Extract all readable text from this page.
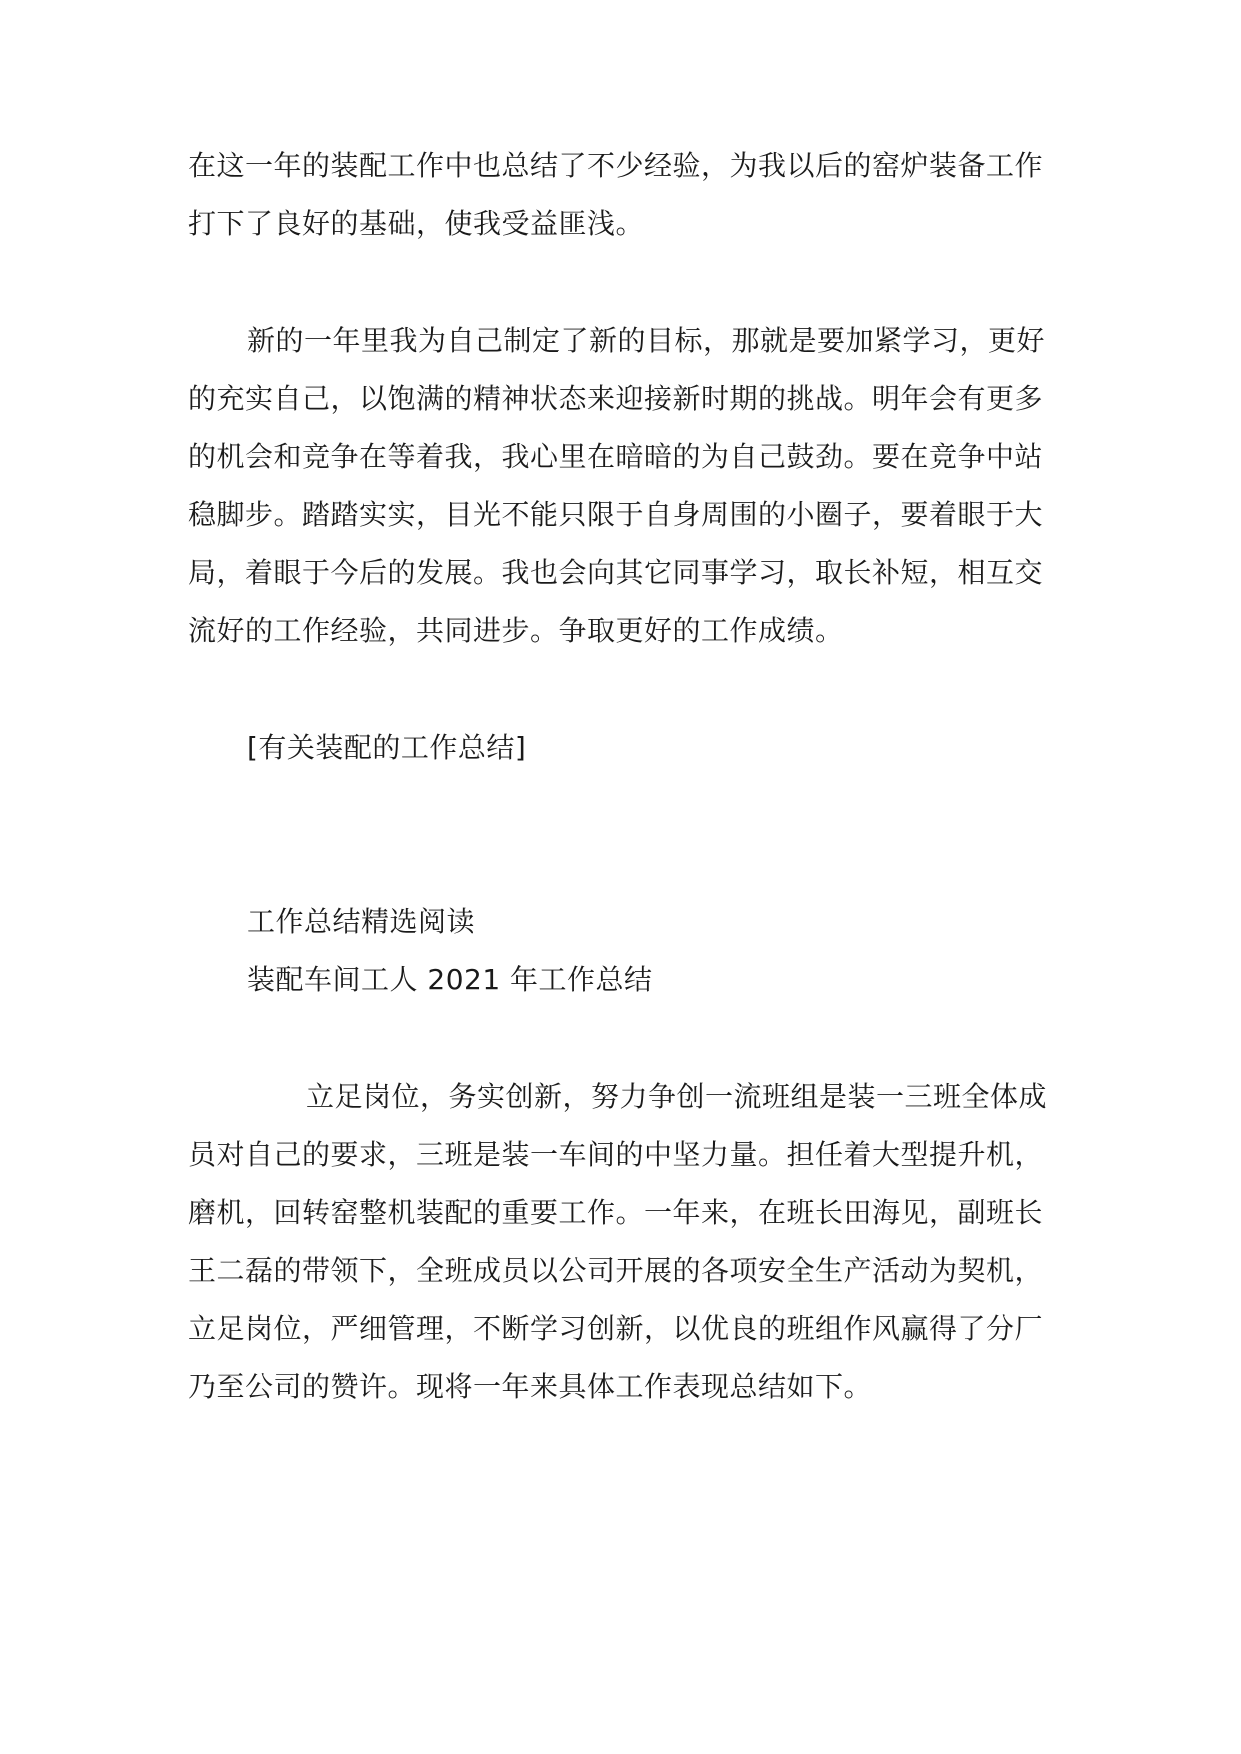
在这一年的装配工作中也总结了不少经验，为我以后的窑炉装备工作
打下了良好的基础，使我受益匪浅。
新的一年里我为自己制定了新的目标，那就是要加紧学习，更好
的充实自己，以饱满的精神状态来迎接新时期的挑战。明年会有更多
的机会和竞争在等着我，我心里在暗暗的为自己鼓劲。要在竞争中站
稳脚步。踏踏实实，目光不能只限于自身周围的小圈子，要着眼于大
局，着眼于今后的发展。我也会向其它同事学习，取长补短，相互交
流好的工作经验，共同进步。争取更好的工作成绩。
[有关装配的工作总结]
工作总结精选阅读
装配车间工人 2021 年工作总结
立足岗位，务实创新，努力争创一流班组是装一三班全体成
员对自己的要求，三班是装一车间的中坚力量。担任着大型提升机，
磨机，回转窑整机装配的重要工作。一年来，在班长田海见，副班长
王二磊的带领下，全班成员以公司开展的各项安全生产活动为契机，
立足岗位，严细管理，不断学习创新，以优良的班组作风赢得了分厂
乃至公司的赞许。现将一年来具体工作表现总结如下。
